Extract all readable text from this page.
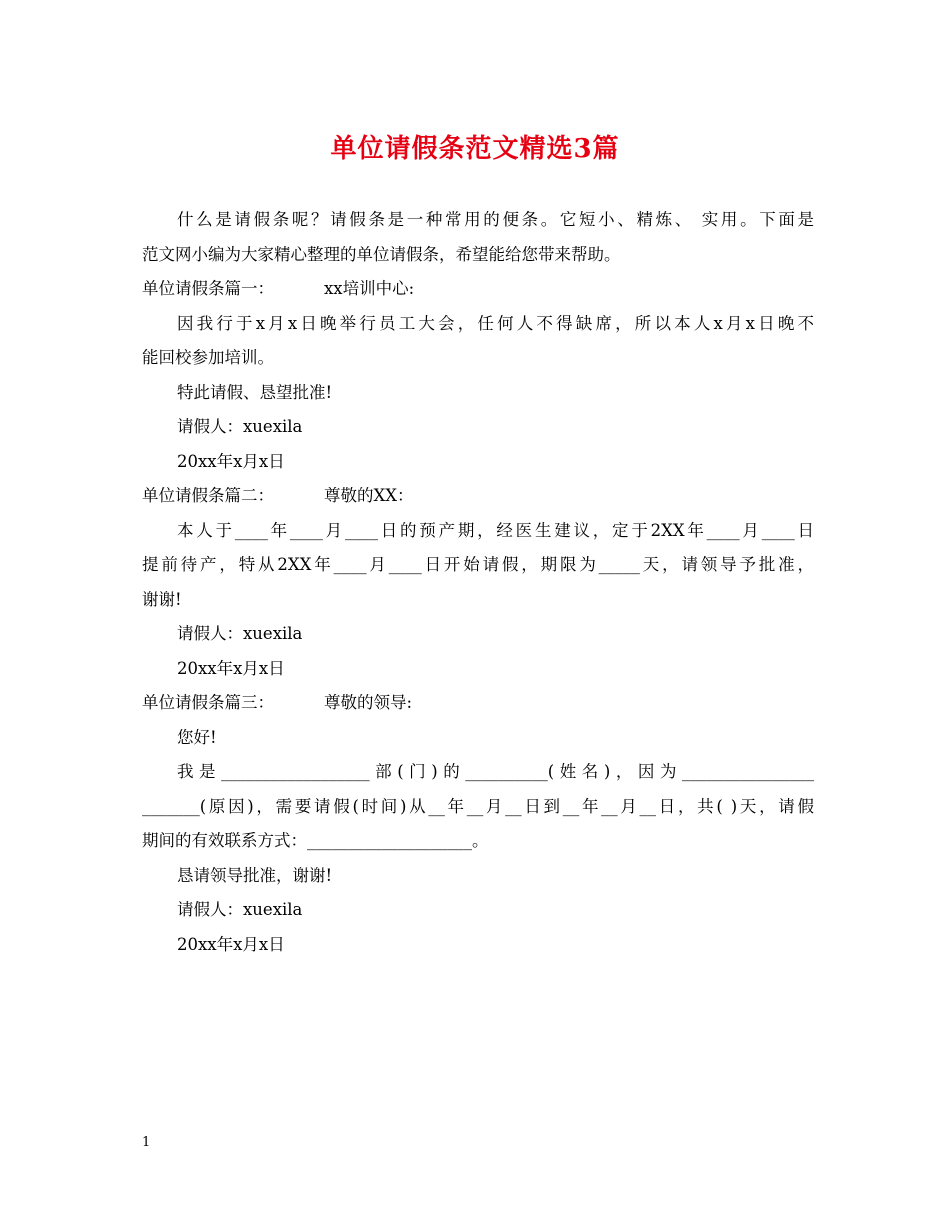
单位请假条范文精选3篇
什么是请假条呢？请假条是一种常用的便条。它短小、精炼、 实用。下面是
范文网小编为大家精心整理的单位请假条，希望能给您带来帮助。
单位请假条篇一：	xx培训中心:
因我行于x月x日晚举行员工大会，任何人不得缺席，所以本人x月x日晚不
能回校参加培训。
特此请假、恳望批准!
请假人：xuexila
20xx年x月x日
单位请假条篇二：	尊敬的XX：
本人于____年____月____日的预产期，经医生建议，定于2XX年____月____日
提前待产，特从2XX年____月____日开始请假，期限为_____天，请领导予批准，
谢谢!
请假人：xuexila
20xx年x月x日
单位请假条篇三：	尊敬的领导:
您好!
我是__________________部(门)的__________(姓名)，因为________________
_______(原因)，需要请假(时间)从__年__月__日到__年__月__日，共( )天，请假
期间的有效联系方式：____________________。
恳请领导批准，谢谢!
请假人：xuexila
20xx年x月x日
1
